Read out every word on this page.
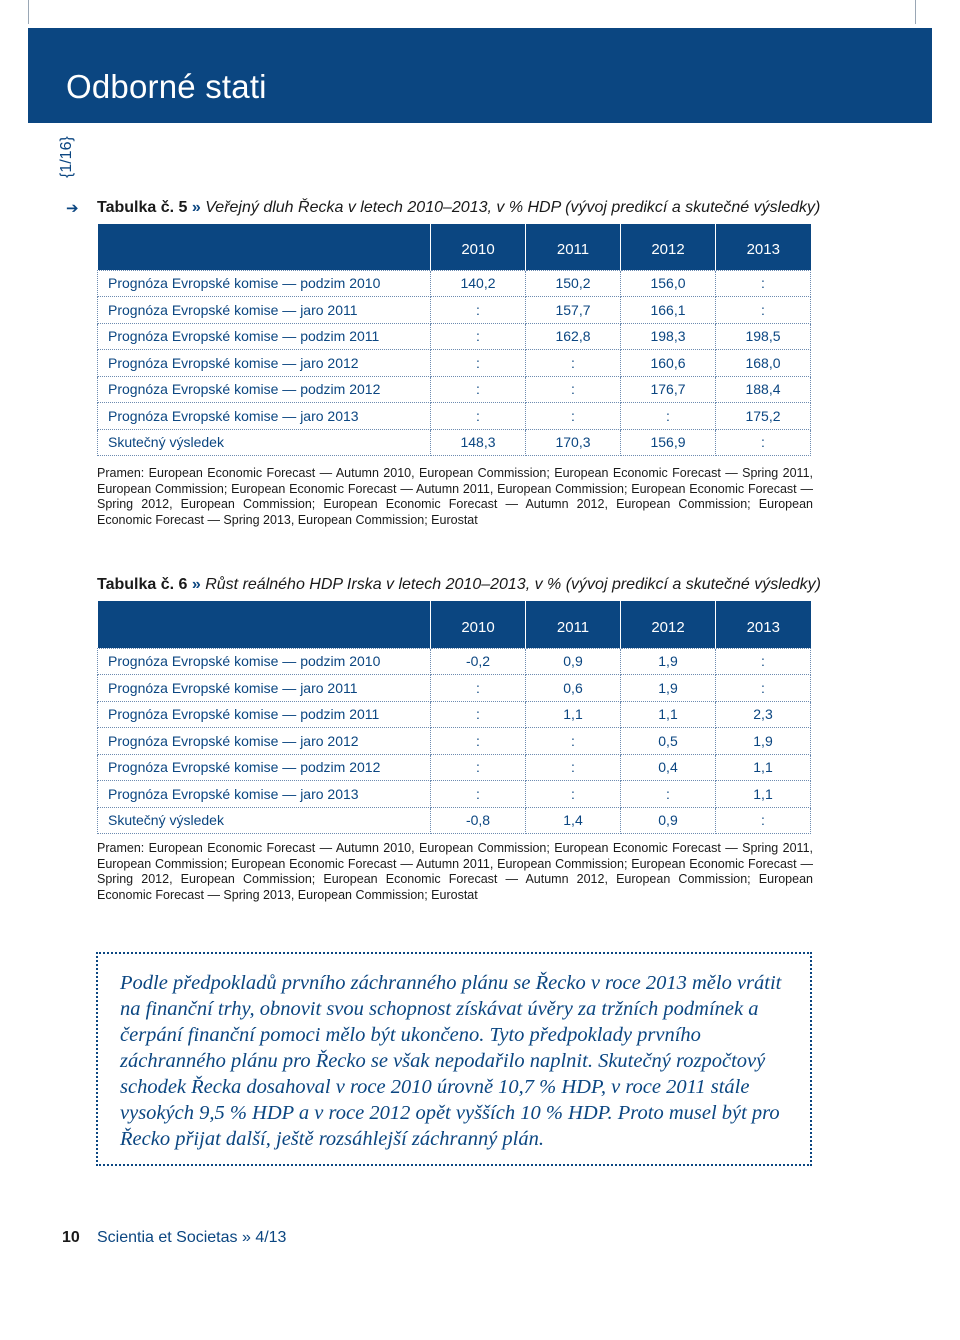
Odborné stati
{1/16}
➔ Tabulka č. 5 » Veřejný dluh Řecka v letech 2010–2013, v % HDP (vývoj predikcí a skutečné výsledky)
	2010	2011	2012	2013
Prognóza Evropské komise — podzim 2010	140,2	150,2	156,0	:
Prognóza Evropské komise — jaro 2011	:	157,7	166,1	:
Prognóza Evropské komise — podzim 2011	:	162,8	198,3	198,5
Prognóza Evropské komise — jaro 2012	:	:	160,6	168,0
Prognóza Evropské komise — podzim 2012	:	:	176,7	188,4
Prognóza Evropské komise — jaro 2013	:	:	:	175,2
Skutečný výsledek	148,3	170,3	156,9	:
Pramen: European Economic Forecast — Autumn 2010, European Commission; European Economic Forecast — Spring 2011, European Commission; European Economic Forecast — Autumn 2011, European Commission; European Economic Forecast — Spring 2012, European Commission; European Economic Forecast — Autumn 2012, European Commission; European Economic Forecast — Spring 2013, European Commission; Eurostat
Tabulka č. 6 » Růst reálného HDP Irska v letech 2010–2013, v % (vývoj predikcí a skutečné výsledky)
	2010	2011	2012	2013
Prognóza Evropské komise — podzim 2010	-0,2	0,9	1,9	:
Prognóza Evropské komise — jaro 2011	:	0,6	1,9	:
Prognóza Evropské komise — podzim 2011	:	1,1	1,1	2,3
Prognóza Evropské komise — jaro 2012	:	:	0,5	1,9
Prognóza Evropské komise — podzim 2012	:	:	0,4	1,1
Prognóza Evropské komise — jaro 2013	:	:	:	1,1
Skutečný výsledek	-0,8	1,4	0,9	:
Pramen: European Economic Forecast — Autumn 2010, European Commission; European Economic Forecast — Spring 2011, European Commission; European Economic Forecast — Autumn 2011, European Commission; European Economic Forecast — Spring 2012, European Commission; European Economic Forecast — Autumn 2012, European Commission; European Economic Forecast — Spring 2013, European Commission; Eurostat
Podle předpokladů prvního záchranného plánu se Řecko v roce 2013 mělo vrátit na finanční trhy, obnovit svou schopnost získávat úvěry za tržních podmínek a čerpání finanční pomoci mělo být ukončeno. Tyto předpoklady prvního záchranného plánu pro Řecko se však nepodařilo naplnit. Skutečný rozpočtový schodek Řecka dosahoval v roce 2010 úrovně 10,7 % HDP, v roce 2011 stále vysokých 9,5 % HDP a v roce 2012 opět vyšších 10 % HDP. Proto musel být pro Řecko přijat další, ještě rozsáhlejší záchranný plán.
10 Scientia et Societas » 4/13
